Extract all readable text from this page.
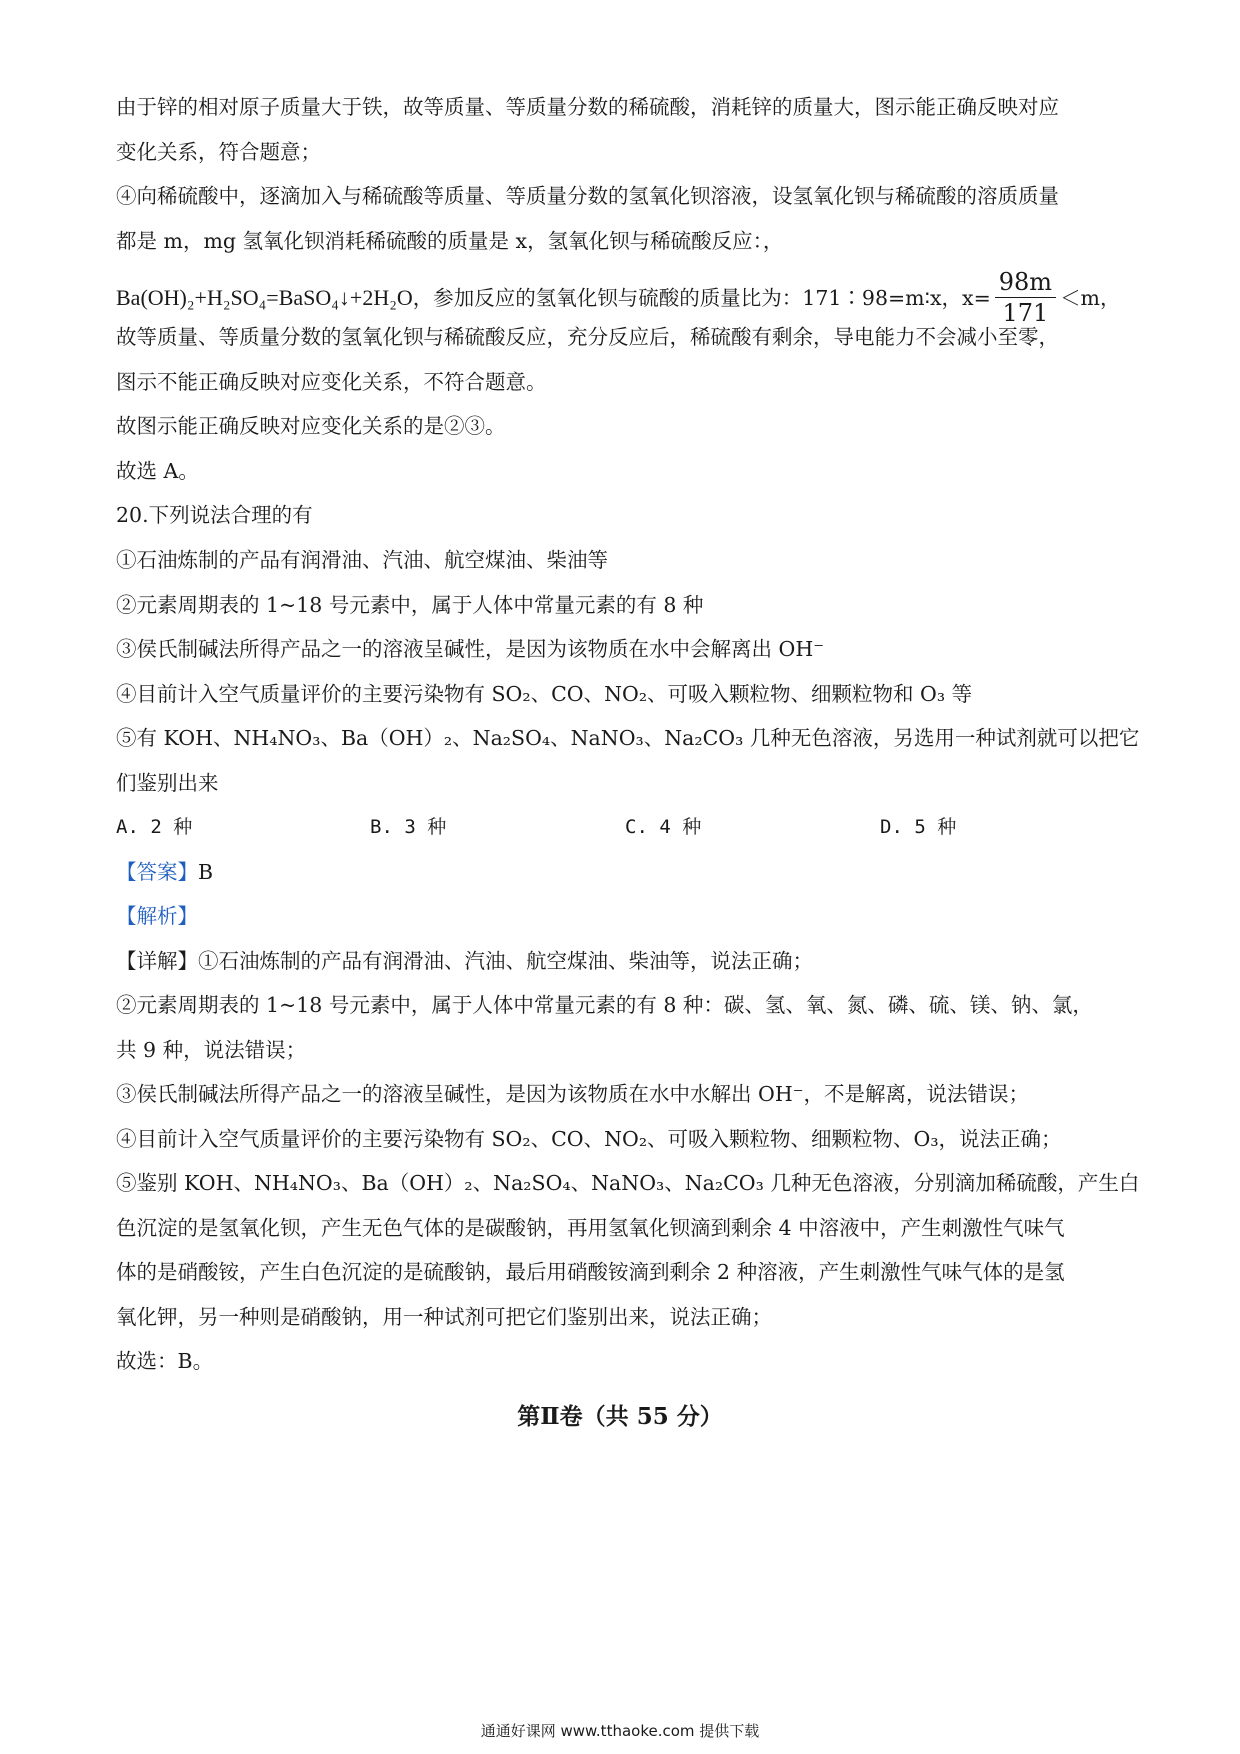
由于锌的相对原子质量大于铁，故等质量、等质量分数的稀硫酸，消耗锌的质量大，图示能正确反映对应
变化关系，符合题意；
④向稀硫酸中，逐滴加入与稀硫酸等质量、等质量分数的氢氧化钡溶液，设氢氧化钡与稀硫酸的溶质质量
都是 m，mg 氢氧化钡消耗稀硫酸的质量是 x，氢氧化钡与稀硫酸反应：，
Ba(OH)₂+H₂SO₄=BaSO₄↓+2H₂O，参加反应的氢氧化钡与硫酸的质量比为：171∶98=m∶x，$x= \frac{98m}{171} <m$，
故等质量、等质量分数的氢氧化钡与稀硫酸反应，充分反应后，稀硫酸有剩余，导电能力不会减小至零，
图示不能正确反映对应变化关系，不符合题意。
故图示能正确反映对应变化关系的是②③。
故选 A。
20.下列说法合理的有
①石油炼制的产品有润滑油、汽油、航空煤油、柴油等
②元素周期表的 1~18 号元素中，属于人体中常量元素的有 8 种
③侯氏制碱法所得产品之一的溶液呈碱性，是因为该物质在水中会解离出 OH⁻
④目前计入空气质量评价的主要污染物有 SO₂、CO、NO₂、可吸入颗粒物、细颗粒物和 O₃ 等
⑤有 KOH、NH₄NO₃、Ba（OH）₂、Na₂SO₄、NaNO₃、Na₂CO₃ 几种无色溶液，另选用一种试剂就可以把它
们鉴别出来
A. 2 种	B. 3 种	C. 4 种	D. 5 种
【答案】B
【解析】
【详解】①石油炼制的产品有润滑油、汽油、航空煤油、柴油等，说法正确；
②元素周期表的 1~18 号元素中，属于人体中常量元素的有 8 种：碳、氢、氧、氮、磷、硫、镁、钠、氯，
共 9 种，说法错误；
③侯氏制碱法所得产品之一的溶液呈碱性，是因为该物质在水中水解出 OH⁻，不是解离，说法错误；
④目前计入空气质量评价的主要污染物有 SO₂、CO、NO₂、可吸入颗粒物、细颗粒物、O₃，说法正确；
⑤鉴别 KOH、NH₄NO₃、Ba（OH）₂、Na₂SO₄、NaNO₃、Na₂CO₃ 几种无色溶液，分别滴加稀硫酸，产生白
色沉淀的是氢氧化钡，产生无色气体的是碳酸钠，再用氢氧化钡滴到剩余 4 中溶液中，产生刺激性气味气
体的是硝酸铵，产生白色沉淀的是硫酸钠，最后用硝酸铵滴到剩余 2 种溶液，产生刺激性气味气体的是氢
氧化钾，另一种则是硝酸钠，用一种试剂可把它们鉴别出来，说法正确；
故选：B。
第Ⅱ卷（共 55 分）
通通好课网 www.tthaoke.com 提供下载
